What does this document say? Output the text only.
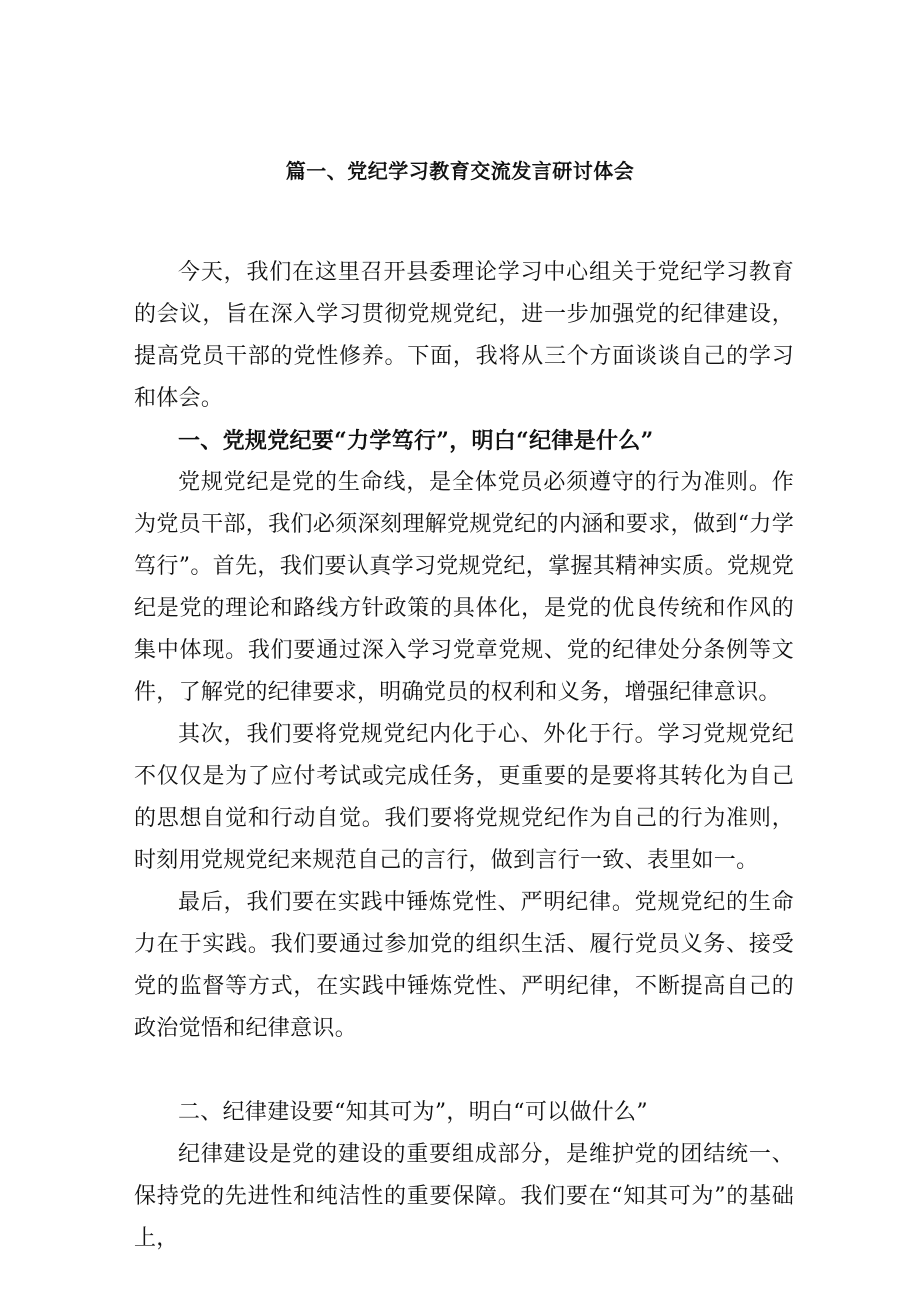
篇一、党纪学习教育交流发言研讨体会

今天，我们在这里召开县委理论学习中心组关于党纪学习教育的会议，旨在深入学习贯彻党规党纪，进一步加强党的纪律建设，提高党员干部的党性修养。下面，我将从三个方面谈谈自己的学习和体会。

一、党规党纪要“力学笃行”，明白“纪律是什么”

党规党纪是党的生命线，是全体党员必须遵守的行为准则。作为党员干部，我们必须深刻理解党规党纪的内涵和要求，做到“力学笃行”。首先，我们要认真学习党规党纪，掌握其精神实质。党规党纪是党的理论和路线方针政策的具体化，是党的优良传统和作风的集中体现。我们要通过深入学习党章党规、党的纪律处分条例等文件，了解党的纪律要求，明确党员的权利和义务，增强纪律意识。

其次，我们要将党规党纪内化于心、外化于行。学习党规党纪不仅仅是为了应付考试或完成任务，更重要的是要将其转化为自己的思想自觉和行动自觉。我们要将党规党纪作为自己的行为准则，时刻用党规党纪来规范自己的言行，做到言行一致、表里如一。

最后，我们要在实践中锤炼党性、严明纪律。党规党纪的生命力在于实践。我们要通过参加党的组织生活、履行党员义务、接受党的监督等方式，在实践中锤炼党性、严明纪律，不断提高自己的政治觉悟和纪律意识。

二、纪律建设要“知其可为”，明白“可以做什么”

纪律建设是党的建设的重要组成部分，是维护党的团结统一、保持党的先进性和纯洁性的重要保障。我们要在“知其可为”的基础上，
